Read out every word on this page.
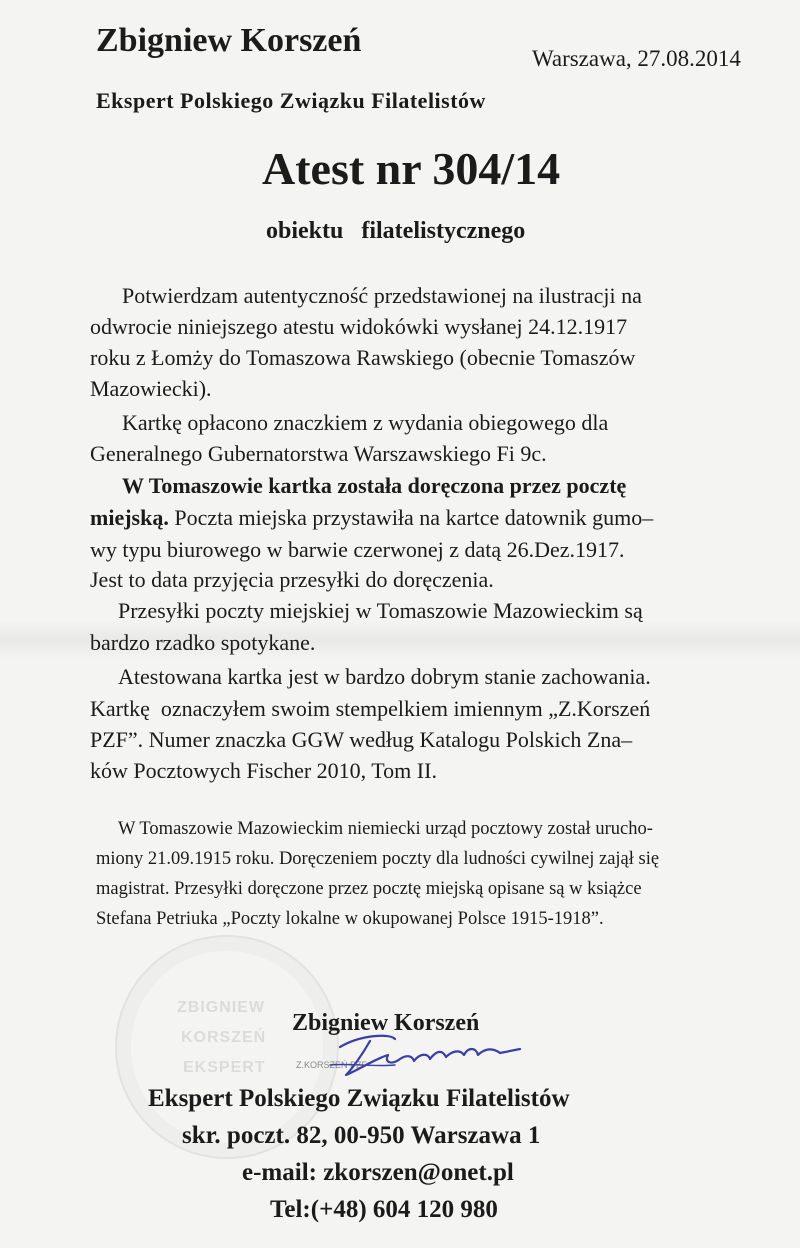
ZBIGNIEW
KORSZEŃ
EKSPERT
Zbigniew Korszeń	Warszawa, 27.08.2014
Ekspert Polskiego Związku Filatelistów
Atest nr 304/14
obiektu   filatelistycznego
Potwierdzam autentyczność przedstawionej na ilustracji na
odwrocie niniejszego atestu widokówki wysłanej 24.12.1917
roku z Łomży do Tomaszowa Rawskiego (obecnie Tomaszów
Mazowiecki).
Kartkę opłacono znaczkiem z wydania obiegowego dla
Generalnego Gubernatorstwa Warszawskiego Fi 9c.
W Tomaszowie kartka została doręczona przez pocztę
miejską. Poczta miejska przystawiła na kartce datownik gumo–
wy typu biurowego w barwie czerwonej z datą 26.Dez.1917.
Jest to data przyjęcia przesyłki do doręczenia.
Przesyłki poczty miejskiej w Tomaszowie Mazowieckim są
bardzo rzadko spotykane.
Atestowana kartka jest w bardzo dobrym stanie zachowania.
Kartkę  oznaczyłem swoim stempelkiem imiennym „Z.Korszeń
PZF”. Numer znaczka GGW według Katalogu Polskich Zna–
ków Pocztowych Fischer 2010, Tom II.
W Tomaszowie Mazowieckim niemiecki urząd pocztowy został urucho-
miony 21.09.1915 roku. Doręczeniem poczty dla ludności cywilnej zajął się
magistrat. Przesyłki doręczone przez pocztę miejską opisane są w książce
Stefana Petriuka „Poczty lokalne w okupowanej Polsce 1915-1918”.
Zbigniew Korszeń
Z.KORSZEŃ PZF
Ekspert Polskiego Związku Filatelistów
skr. poczt. 82, 00-950 Warszawa 1
e-mail: zkorszen@onet.pl
Tel:(+48) 604 120 980
